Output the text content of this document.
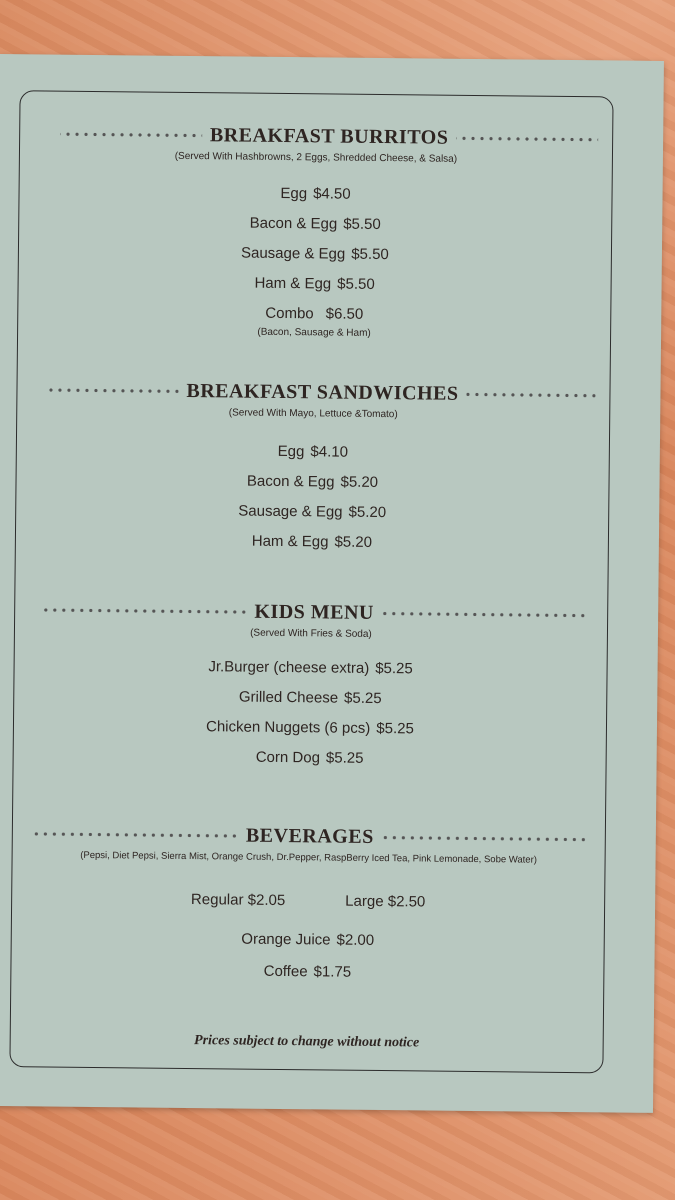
BREAKFAST BURRITOS
(Served With Hashbrowns, 2 Eggs, Shredded Cheese, & Salsa)
Egg $4.50
Bacon & Egg $5.50
Sausage & Egg $5.50
Ham & Egg $5.50
Combo $6.50
(Bacon, Sausage & Ham)
BREAKFAST SANDWICHES
(Served With Mayo, Lettuce &Tomato)
Egg $4.10
Bacon & Egg $5.20
Sausage & Egg $5.20
Ham & Egg $5.20
KIDS MENU
(Served With Fries & Soda)
Jr.Burger (cheese extra) $5.25
Grilled Cheese $5.25
Chicken Nuggets (6 pcs) $5.25
Corn Dog $5.25
BEVERAGES
(Pepsi, Diet Pepsi, Sierra Mist, Orange Crush, Dr.Pepper, RaspBerry Iced Tea, Pink Lemonade, Sobe Water)
Regular $2.05	Large $2.50
Orange Juice $2.00
Coffee $1.75
Prices subject to change without notice
